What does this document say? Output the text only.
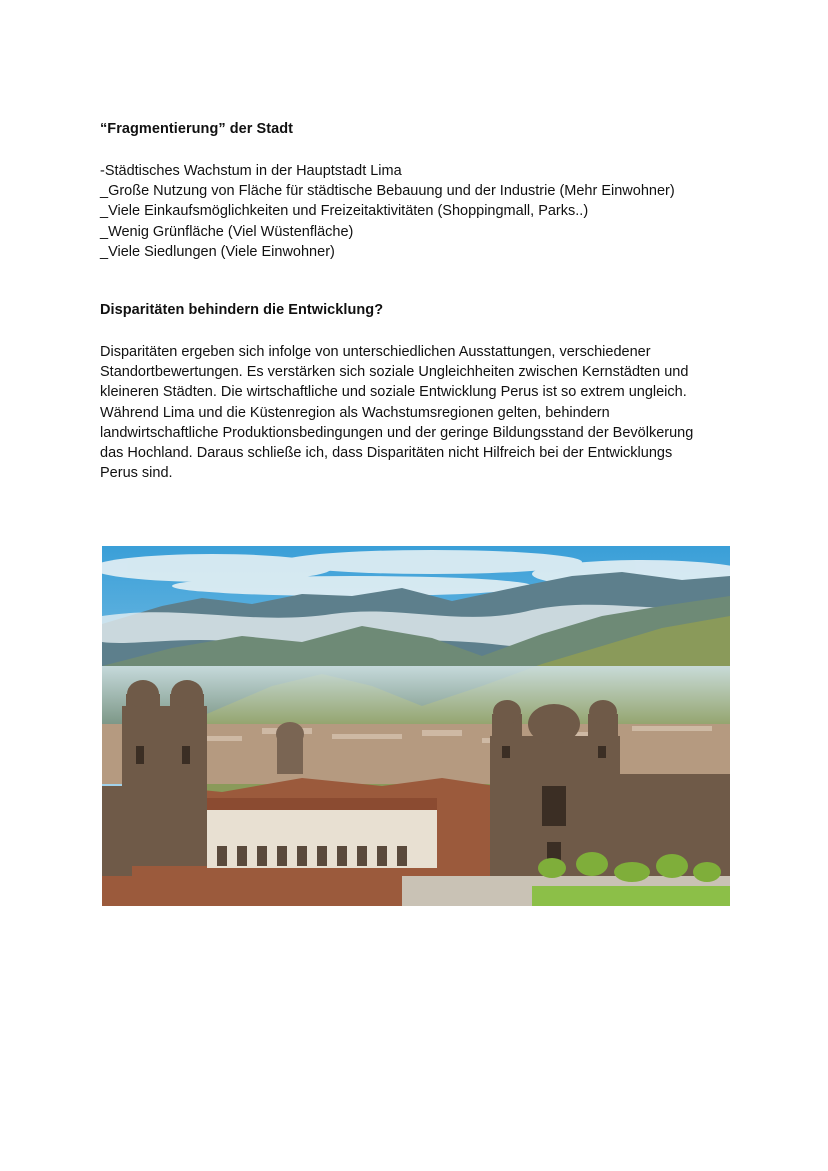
“Fragmentierung” der Stadt
-Städtisches Wachstum in der Hauptstadt Lima
_Große Nutzung von Fläche für städtische Bebauung und der Industrie (Mehr Einwohner)
_Viele Einkaufsmöglichkeiten und Freizeitaktivitäten (Shoppingmall, Parks..)
_Wenig Grünfläche (Viel Wüstenfläche)
_Viele Siedlungen (Viele Einwohner)
Disparitäten behindern die Entwicklung?

Disparitäten ergeben sich infolge von unterschiedlichen Ausstattungen, verschiedener
Standortbewertungen. Es verstärken sich soziale Ungleichheiten zwischen Kernstädten und
kleineren Städten. Die wirtschaftliche und soziale Entwicklung Perus ist so extrem ungleich.
Während Lima und die Küstenregion als Wachstumsregionen gelten, behindern
landwirtschaftliche Produktionsbedingungen und der geringe Bildungsstand der Bevölkerung
das Hochland. Daraus schließe ich, dass Disparitäten nicht Hilfreich bei der Entwicklungs
Perus sind.
